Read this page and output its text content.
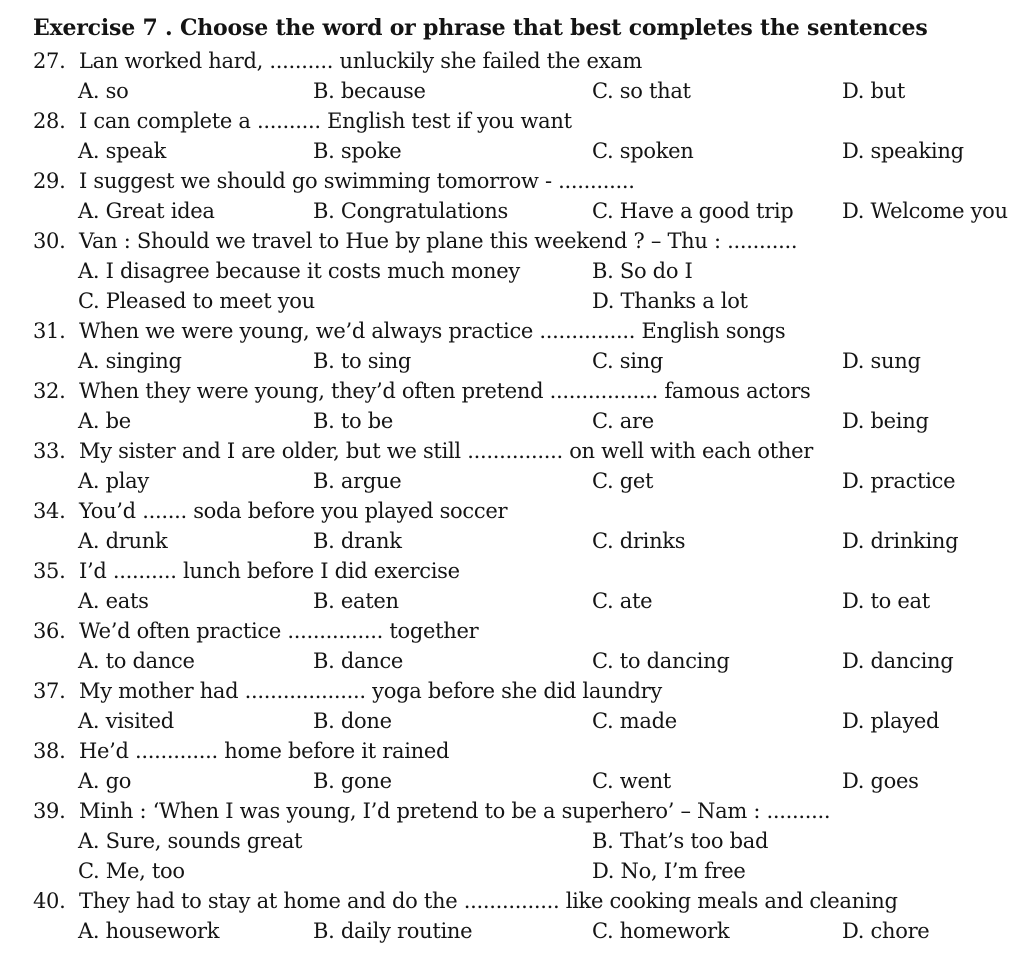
Exercise 7 . Choose the word or phrase that best completes the sentences
27. Lan worked hard, .......... unluckily she failed the exam
A. so	B. because	C. so that	D. but
28. I can complete a .......... English test if you want
A. speak	B. spoke	C. spoken	D. speaking
29. I suggest we should go swimming tomorrow - ............
A. Great idea	B. Congratulations	C. Have a good trip D. Welcome you
30. Van : Should we travel to Hue by plane this weekend ? – Thu : ...........
A. I disagree because it costs much money	B. So do I
C. Pleased to meet you	D. Thanks a lot
31. When we were young, we’d always practice ............... English songs
A. singing	B. to sing	C. sing	D. sung
32. When they were young, they’d often pretend ................. famous actors
A. be	B. to be	C. are	D. being
33. My sister and I are older, but we still ............... on well with each other
A. play	B. argue	C. get	D. practice
34. You’d ....... soda before you played soccer
A. drunk	B. drank	C. drinks	D. drinking
35. I’d .......... lunch before I did exercise
A. eats	B. eaten	C. ate	D. to eat
36. We’d often practice ............... together
A. to dance	B. dance	C. to dancing	D. dancing
37. My mother had ................... yoga before she did laundry
A. visited	B. done	C. made	D. played
38. He’d ............. home before it rained
A. go	B. gone	C. went	D. goes
39. Minh : ‘When I was young, I’d pretend to be a superhero’ – Nam : ..........
A. Sure, sounds great	B. That’s too bad
C. Me, too	D. No, I’m free
40. They had to stay at home and do the ............... like cooking meals and cleaning
A. housework	B. daily routine	C. homework	D. chore
